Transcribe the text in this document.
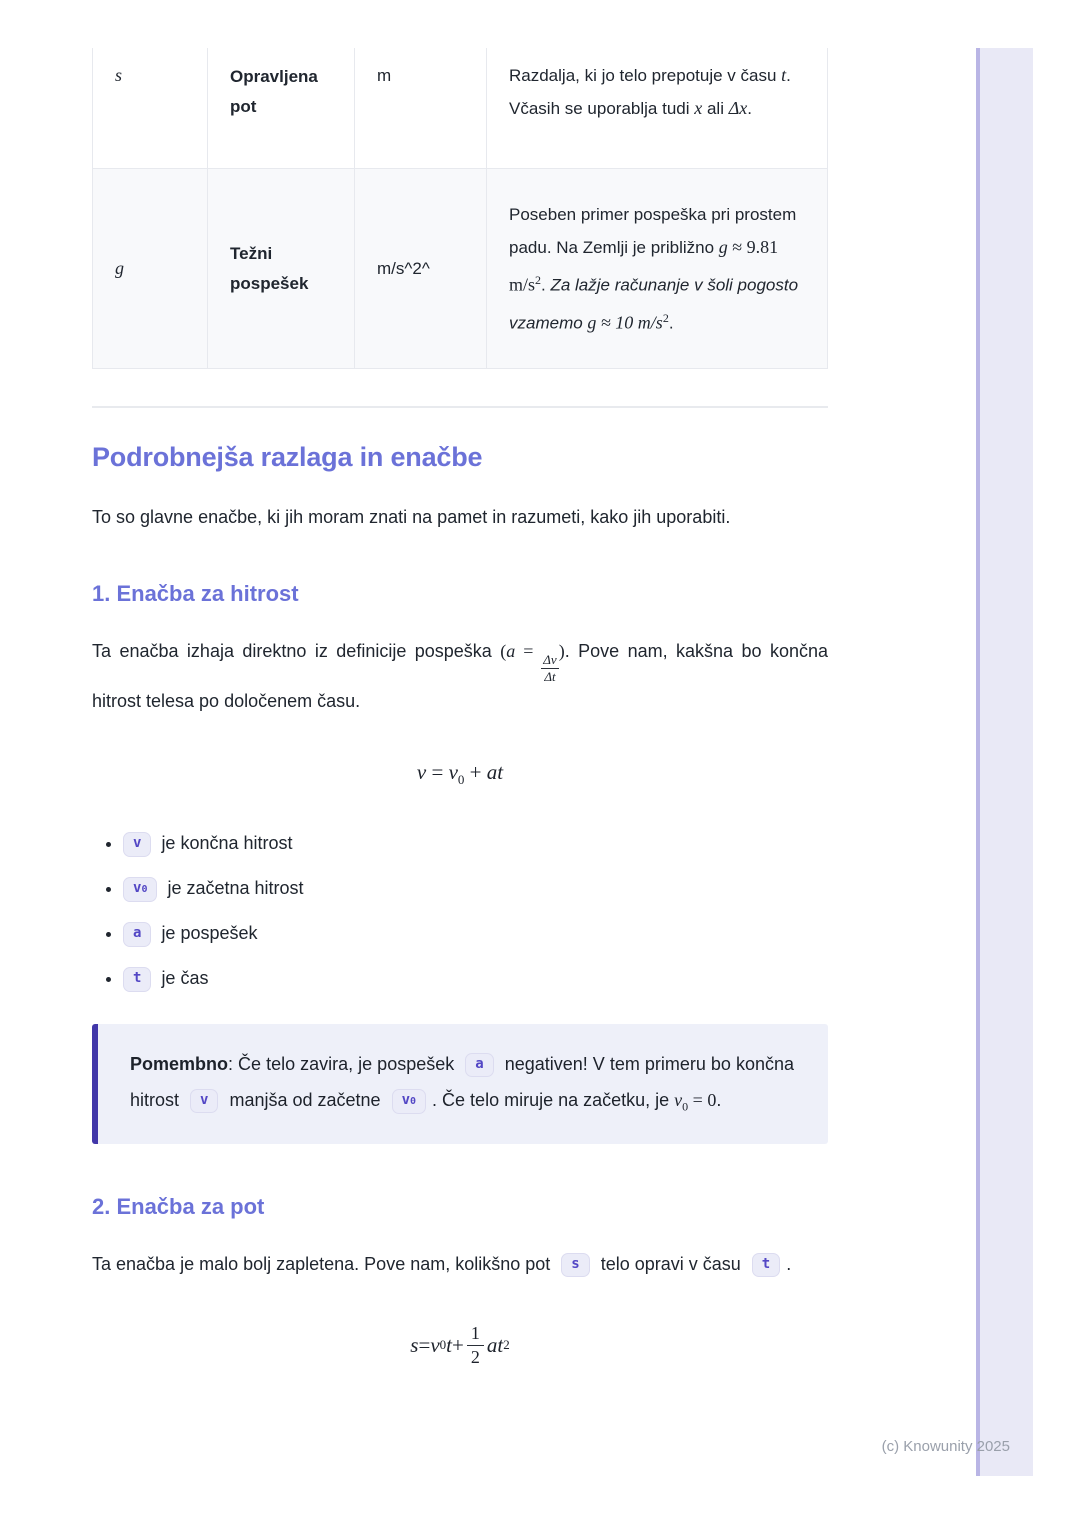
s	Opravljena pot
m	Razdalja, ki jo telo prepotuje v času t. Včasih se uporablja tudi x ali Δx.
g
Težni pospešek
m/s^2^
Poseben primer pospeška pri prostem padu. Na Zemlji je približno g ≈ 9.81 $m/s^2$. Za lažje računanje v šoli pogosto vzamemo g ≈ 10 $m/s^2$.
Podrobnejša razlaga in enačbe

To so glavne enačbe, ki jih moram znati na pamet in razumeti, kako jih uporabiti.

1. Enačba za hitrost

Ta enačba izhaja direktno iz definicije pospeška (a =
$\frac{\Delta v}{\Delta t}$
). Pove nam, kakšna bo končna hitrost telesa po določenem času.

$v = v_0$ + at
• v je končna hitrost
• v0 je začetna hitrost
• a je pospešek
• t je čas

Pomembno: Če telo zavira, je pospešek a negativen! V tem primeru bo končna hitrost v manjša od začetne v0 . Če telo miruje na začetku, je $v_0 = 0$.

2. Enačba za pot

Ta enačba je malo bolj zapletena. Pove nam, kolikšno pot s telo opravi v času t .

s = v 0 $t + \frac{1}{2}$ at 2
(c) Knowunity 2025
